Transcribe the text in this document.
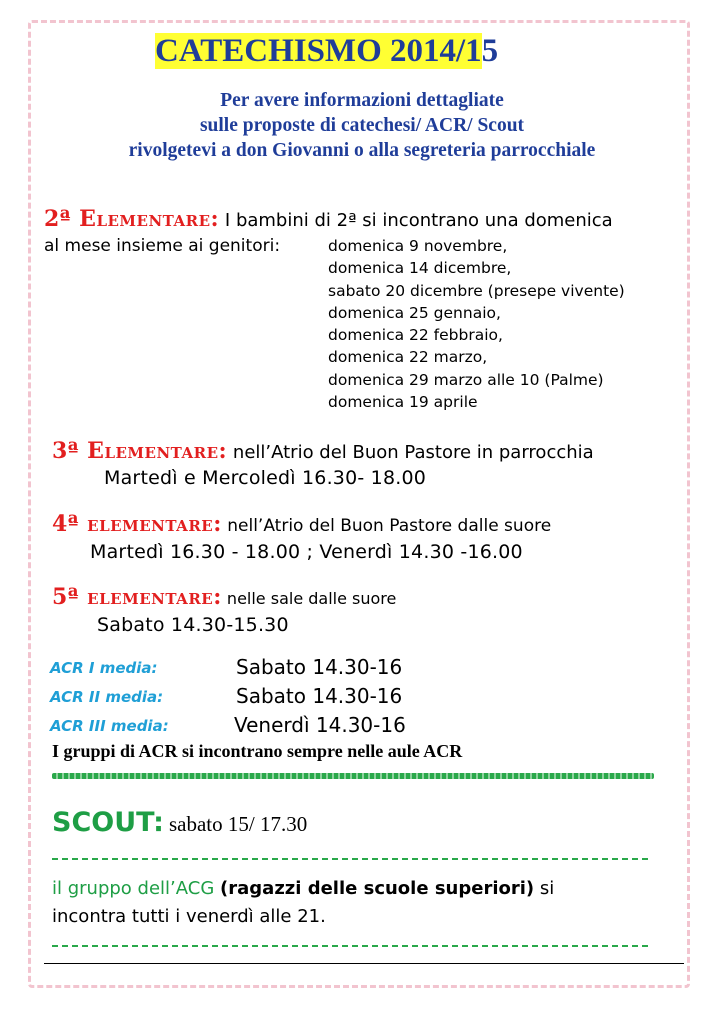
CATECHISMO 2014/15
Per avere informazioni dettagliate
sulle proposte di catechesi/ ACR/ Scout
rivolgetevi a don Giovanni o alla segreteria parrocchiale
2ª Elementare: I bambini di 2ª si incontrano una domenica
al mese insieme ai genitori:	domenica 9 novembre,
domenica 14 dicembre,
sabato 20 dicembre (presepe vivente)
domenica 25 gennaio,
domenica 22 febbraio,
domenica 22 marzo,
domenica 29 marzo alle 10 (Palme)
domenica 19 aprile
3ª Elementare: nell’Atrio del Buon Pastore in parrocchia
Martedì e Mercoledì 16.30- 18.00
4ª elementare: nell’Atrio del Buon Pastore dalle suore
Martedì 16.30 - 18.00 ; Venerdì 14.30 -16.00
5ª elementare: nelle sale dalle suore
Sabato 14.30-15.30
ACR I media:	Sabato 14.30-16
ACR II media:	Sabato 14.30-16
ACR III media:	Venerdì 14.30-16
I gruppi di ACR si incontrano sempre nelle aule ACR
SCOUT: sabato 15/ 17.30
il gruppo dell’ACG (ragazzi delle scuole superiori) si
incontra tutti i venerdì alle 21.
